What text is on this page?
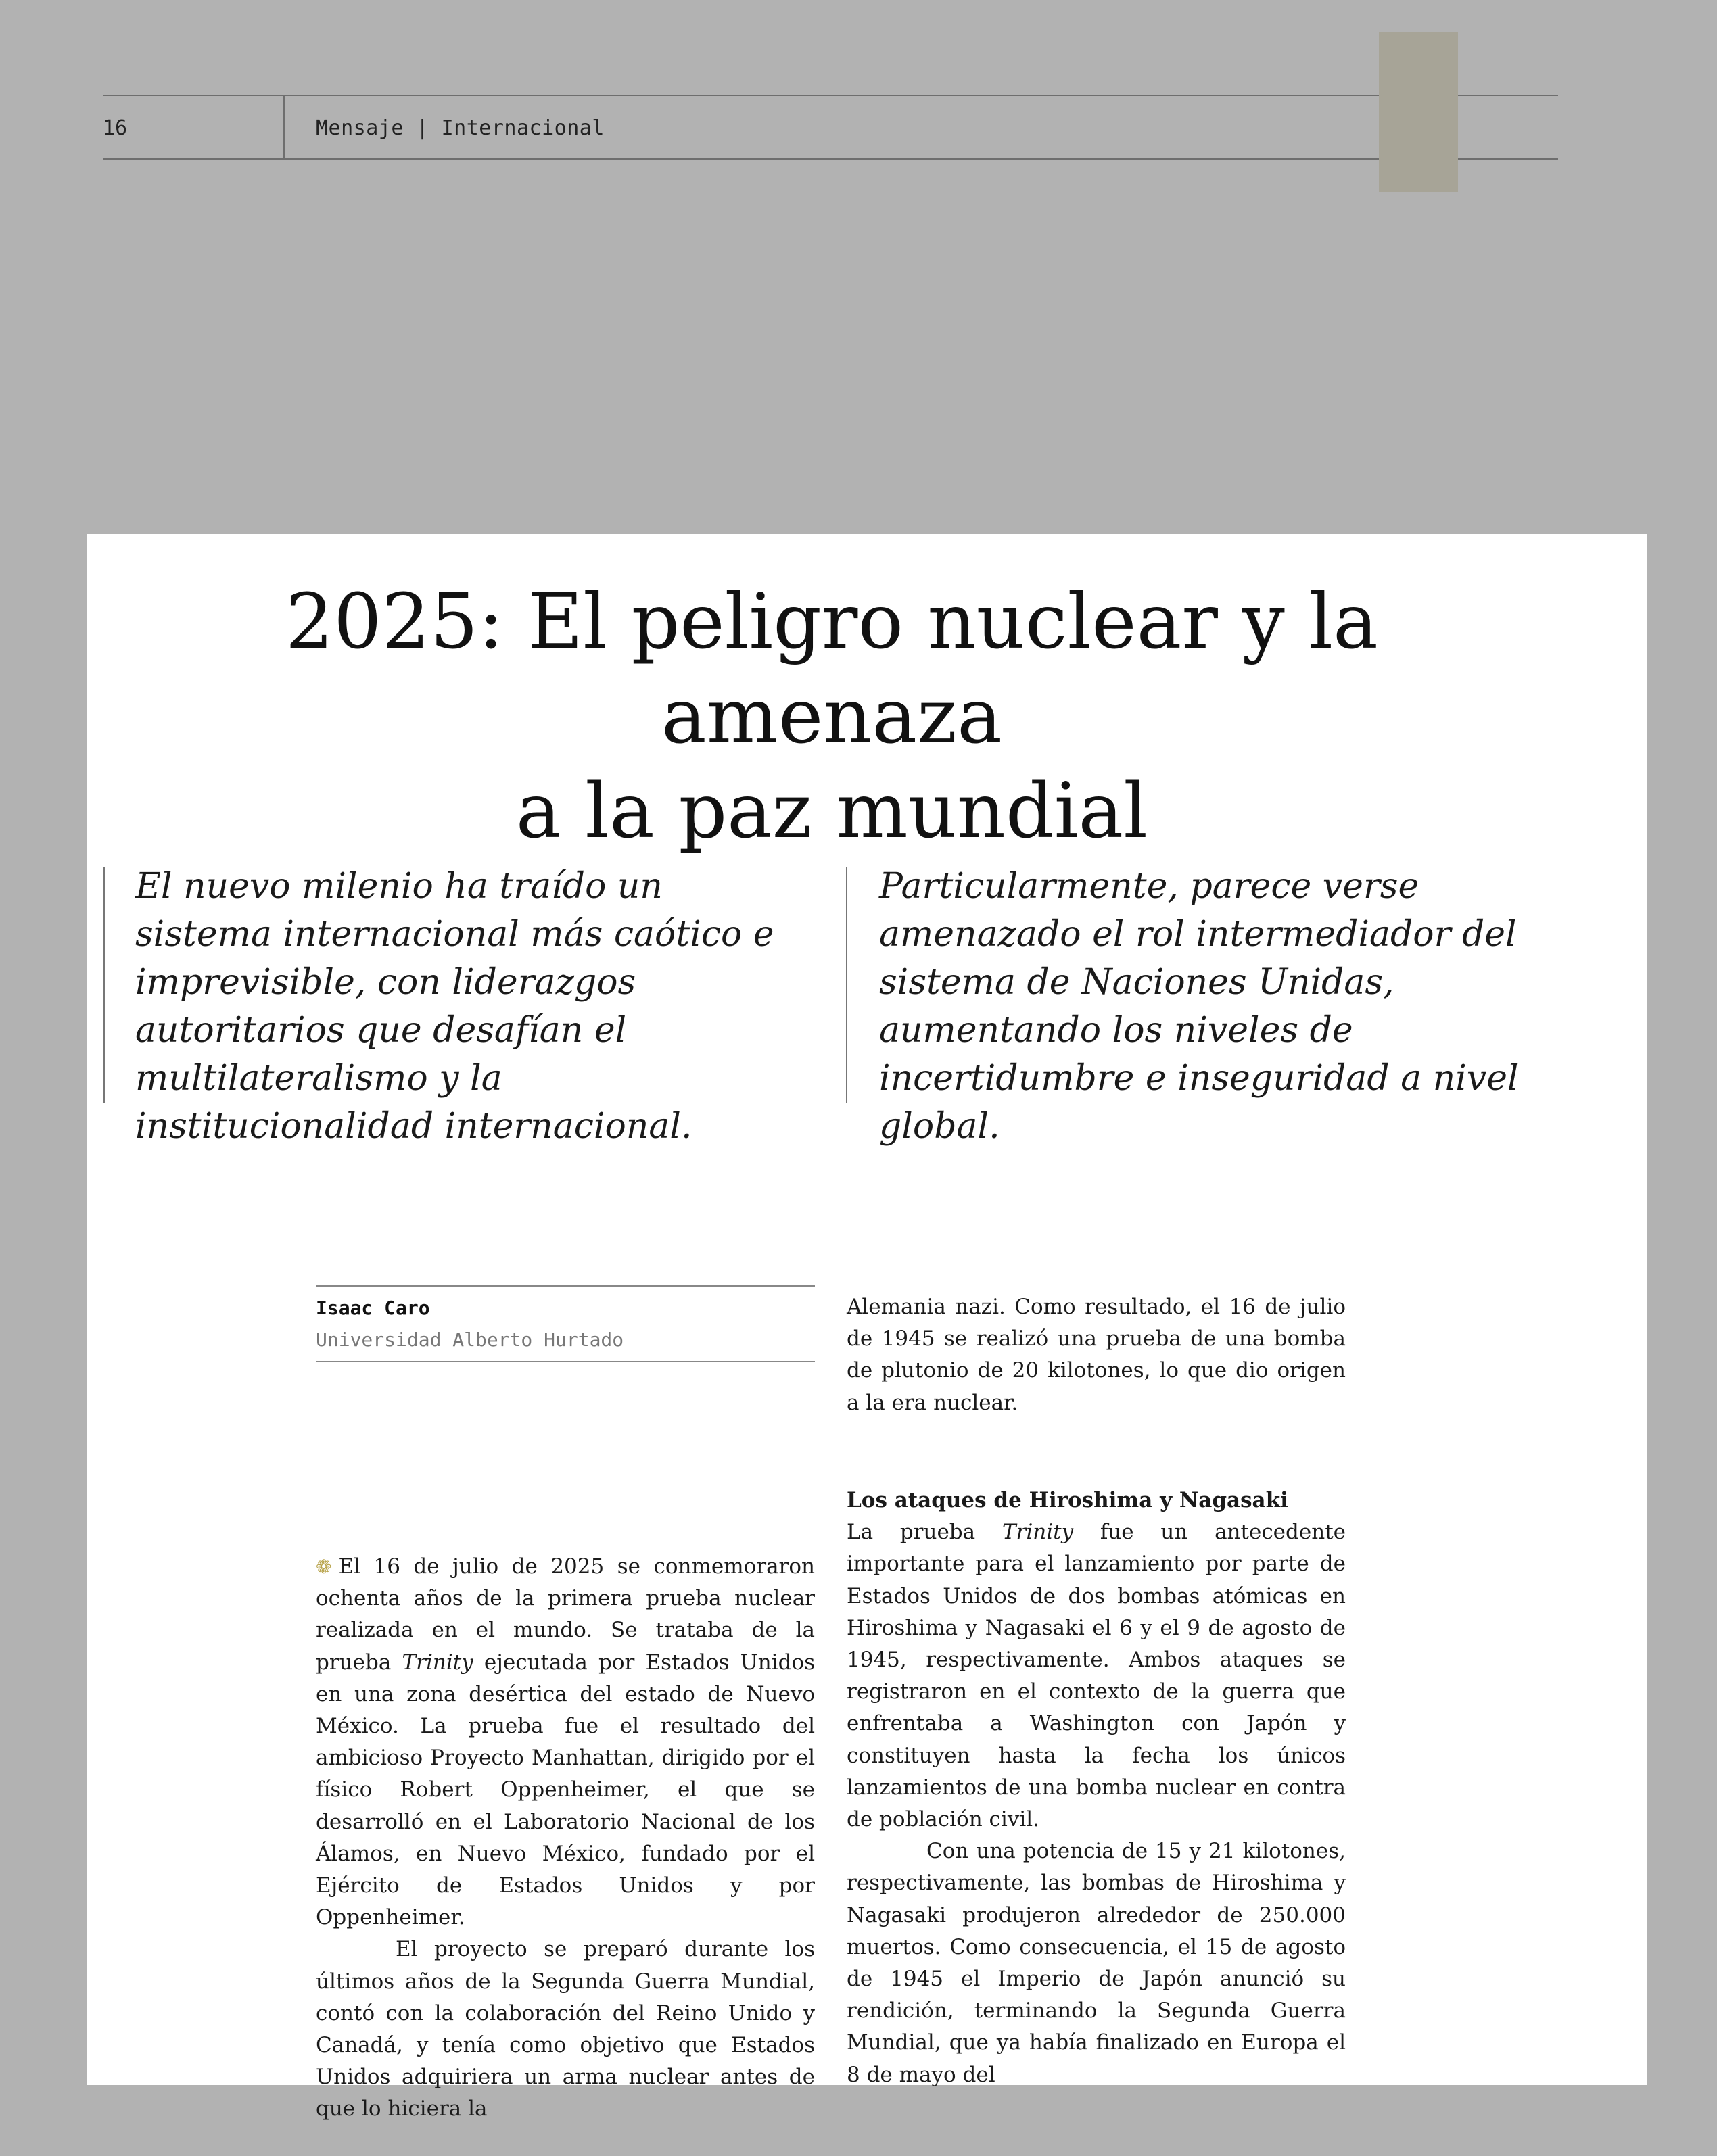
16	Mensaje | Internacional
2025: El peligro nuclear y la amenaza
a la paz mundial

El nuevo milenio ha traído un sistema internacional más caótico e imprevisible, con liderazgos autoritarios que desafían el multilateralismo y la institucionalidad internacional.

Particularmente, parece verse amenazado el rol intermediador del sistema de Naciones Unidas, aumentando los niveles de incertidumbre e inseguridad a nivel global.

Isaac Caro
Universidad Alberto Hurtado

❁ El 16 de julio de 2025 se conmemoraron ochenta años de la primera prueba nuclear realizada en el mundo. Se trataba de la prueba Trinity ejecutada por Estados Unidos en una zona desértica del estado de Nuevo México. La prueba fue el resultado del ambicioso Proyecto Manhattan, dirigido por el físico Robert Oppenheimer, el que se desarrolló en el Laboratorio Nacional de los Álamos, en Nuevo México, fundado por el Ejército de Estados Unidos y por Oppenheimer.

El proyecto se preparó durante los últimos años de la Segunda Guerra Mundial, contó con la colaboración del Reino Unido y Canadá, y tenía como objetivo que Estados Unidos adquiriera un arma nuclear antes de que lo hiciera la

Alemania nazi. Como resultado, el 16 de julio de 1945 se realizó una prueba de una bomba de plutonio de 20 kilotones, lo que dio origen a la era nuclear.

Los ataques de Hiroshima y Nagasaki

La prueba Trinity fue un antecedente importante para el lanzamiento por parte de Estados Unidos de dos bombas atómicas en Hiroshima y Nagasaki el 6 y el 9 de agosto de 1945, respectivamente. Ambos ataques se registraron en el contexto de la guerra que enfrentaba a Washington con Japón y constituyen hasta la fecha los únicos lanzamientos de una bomba nuclear en contra de población civil.

Con una potencia de 15 y 21 kilotones, respectivamente, las bombas de Hiroshima y Nagasaki produjeron alrededor de 250.000 muertos. Como consecuencia, el 15 de agosto de 1945 el Imperio de Japón anunció su rendición, terminando la Segunda Guerra Mundial, que ya había finalizado en Europa el 8 de mayo del
